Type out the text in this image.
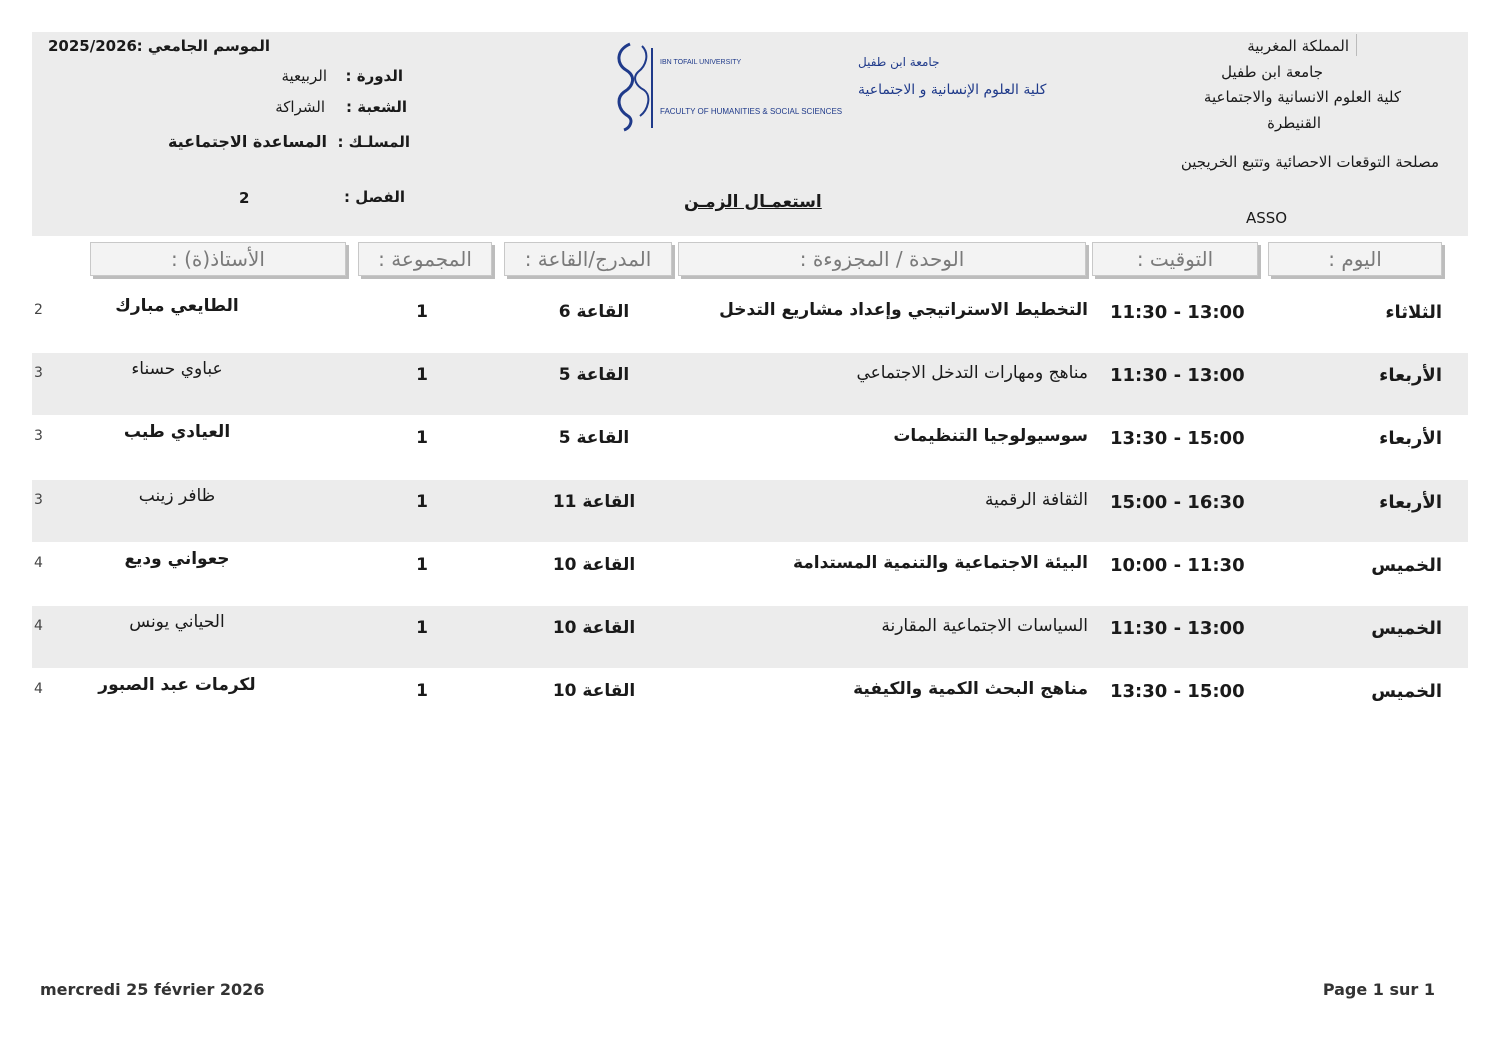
المملكة المغربية
جامعة ابن طفيل
كلية العلوم الانسانية والاجتماعية
القنيطرة
مصلحة التوقعات الاحصائية وتتبع الخريجين
ASSO
IBN TOFAIL UNIVERSITY	جامعة ابن طفيل
كلية العلوم الإنسانية و الاجتماعية
FACULTY OF HUMANITIES & SOCIAL SCIENCES
استعمـال الزمـن
الموسم الجامعي :
2025/2026
الدورة :
الربيعية
الشعبة :
الشراكة
المسلـك :
المساعدة الاجتماعية
الفصل :
2
اليوم :
التوقيت :
الوحدة / المجزوءة :
المدرج/القاعة :
المجموعة :
الأستاذ(ة) :
الثلاثاء
11:30 - 13:00
التخطيط الاستراتيجي وإعداد مشاريع التدخل
القاعة 6
1
الطايعي مبارك
2
الأربعاء
11:30 - 13:00
مناهج ومهارات التدخل الاجتماعي
القاعة 5
1
عباوي حسناء
3
الأربعاء
13:30 - 15:00
سوسيولوجيا التنظيمات
القاعة 5
1
العيادي طيب
3
الأربعاء
15:00 - 16:30
الثقافة الرقمية
القاعة 11
1
ظافر زينب
3
الخميس
10:00 - 11:30
البيئة الاجتماعية والتنمية المستدامة
القاعة 10
1
جعواني وديع
4
الخميس
11:30 - 13:00
السياسات الاجتماعية المقارنة
القاعة 10
1
الحياني يونس
4
الخميس
13:30 - 15:00
مناهج البحث الكمية والكيفية
القاعة 10
1
لكرمات عبد الصبور
4
mercredi 25 février 2026	Page 1 sur 1
